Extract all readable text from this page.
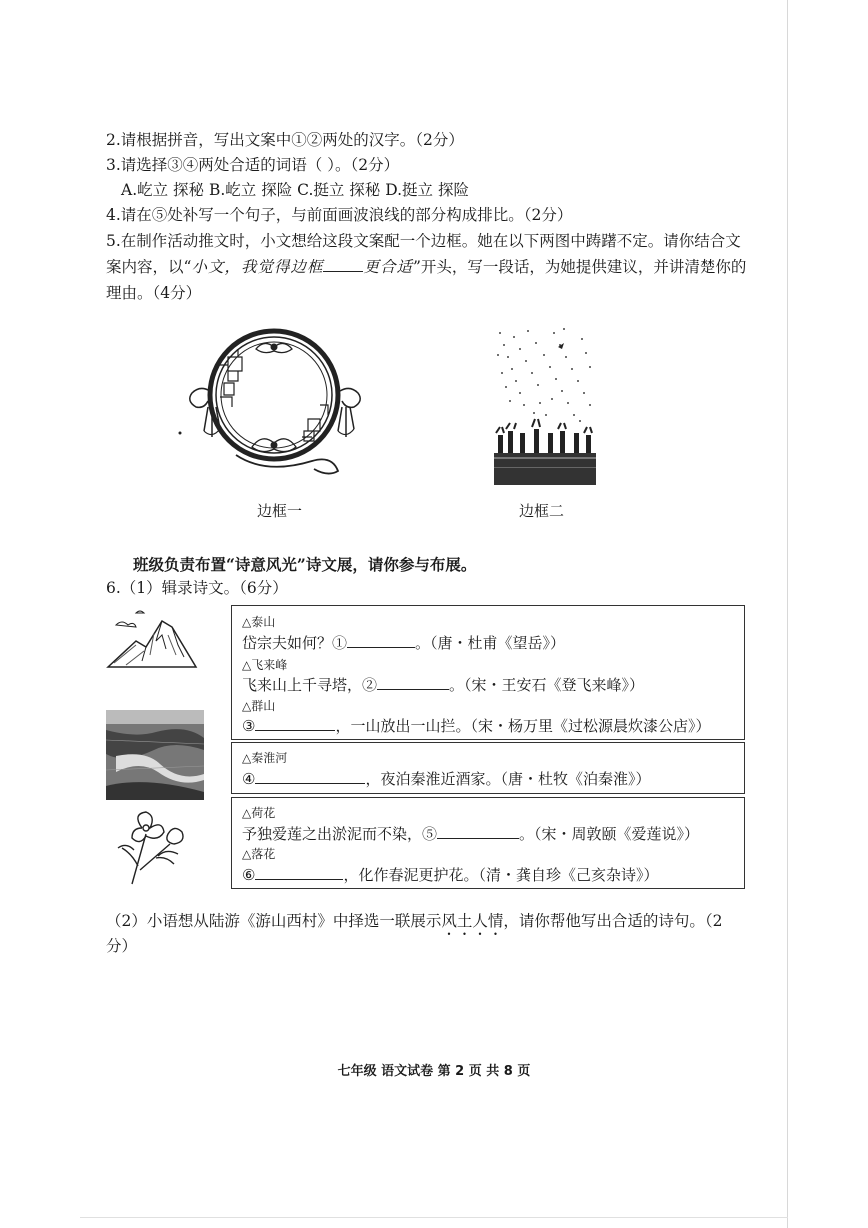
2.请根据拼音，写出文案中①②两处的汉字。（2分）
3.请选择③④两处合适的词语（ ）。（2分）
A.屹立 探秘 B.屹立 探险 C.挺立 探秘 D.挺立 探险
4.请在⑤处补写一个句子，与前面画波浪线的部分构成排比。（2分）
5.在制作活动推文时，小文想给这段文案配一个边框。她在以下两图中踌躇不定。请你结合文
案内容，以“小文，我觉得边框	更合适”开头，写一段话，为她提供建议，并讲清楚你的
理由。（4分）
边框一	边框二
班级负责布置“诗意风光”诗文展，请你参与布展。
6.（1）辑录诗文。（6分）
△泰山
岱宗夫如何？①	。（唐・杜甫《望岳》）
△飞来峰
飞来山上千寻塔，②	。（宋・王安石《登飞来峰》）
△群山
③	，一山放出一山拦。（宋・杨万里《过松源晨炊漆公店》）
△秦淮河
④	，夜泊秦淮近酒家。（唐・杜牧《泊秦淮》）
△荷花
予独爱莲之出淤泥而不染，⑤	。（宋・周敦颐《爱莲说》）
△落花
⑥	，化作春泥更护花。（清・龚自珍《己亥杂诗》）
（2）小语想从陆游《游山西村》中择选一联展示风土人情，请你帮他写出合适的诗句。（2
分）
七年级 语文试卷 第 2 页 共 8 页
